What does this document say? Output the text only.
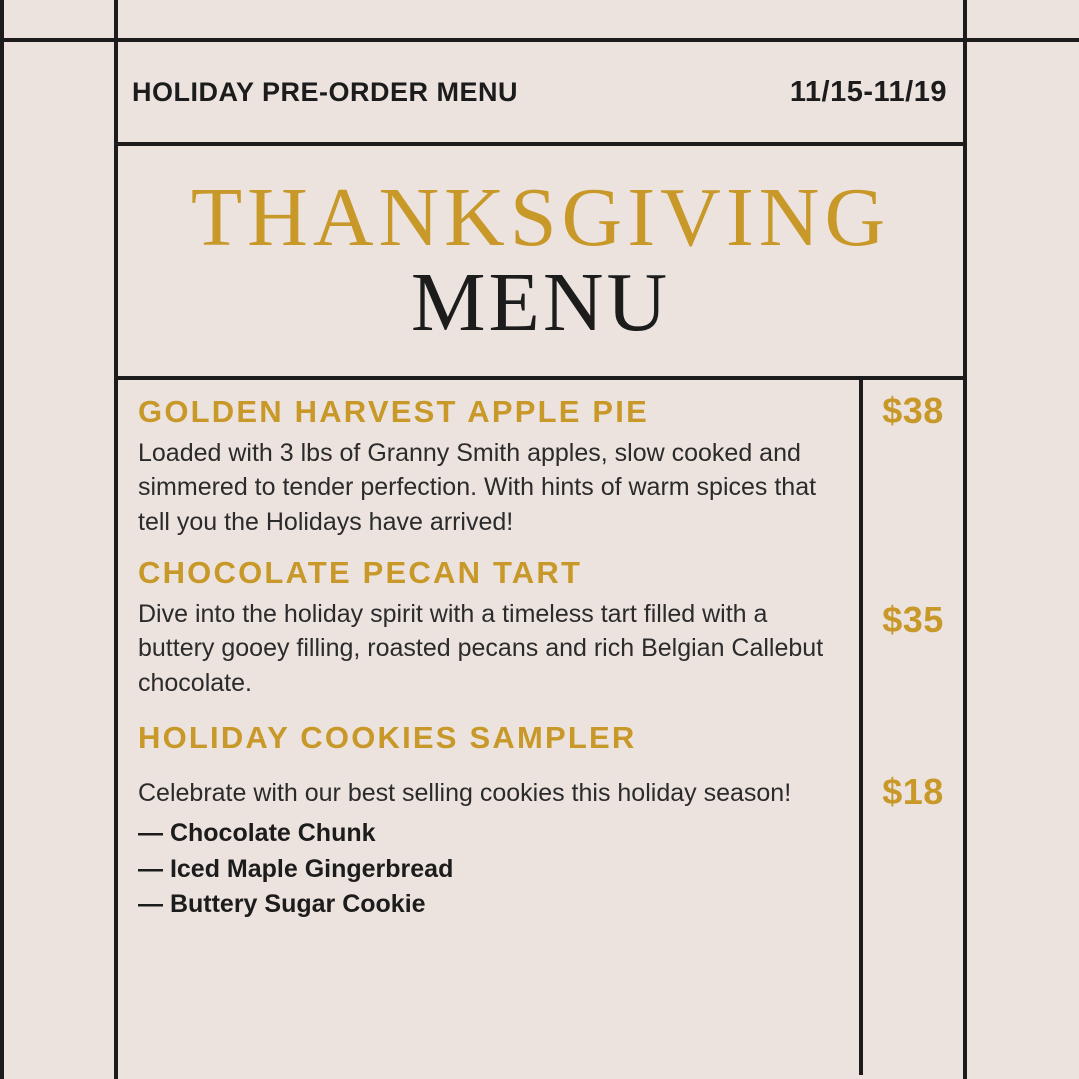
HOLIDAY PRE-ORDER MENU	11/15-11/19
THANKSGIVING
MENU
GOLDEN HARVEST APPLE PIE

Loaded with 3 lbs of Granny Smith apples, slow cooked and simmered to tender perfection. With hints of warm spices that tell you the Holidays have arrived!

CHOCOLATE PECAN TART

Dive into the holiday spirit with a timeless tart filled with a buttery gooey filling, roasted pecans and rich Belgian Callebut chocolate.

HOLIDAY COOKIES SAMPLER

Celebrate with our best selling cookies this holiday season!

— Chocolate Chunk
— Iced Maple Gingerbread
— Buttery Sugar Cookie
$38
$35
$18
